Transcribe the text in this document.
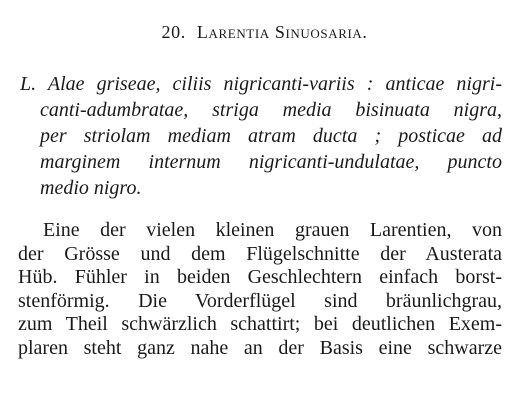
20. Larentia Sinuosaria.
L. Alae griseae, ciliis nigricanti-variis : anticae nigri-
canti-adumbratae, striga media bisinuata nigra,
per striolam mediam atram ducta ; posticae ad
marginem internum nigricanti-undulatae, puncto
medio nigro.
Eine der vielen kleinen grauen Larentien, von
der Grösse und dem Flügelschnitte der Austerata
Hüb. Fühler in beiden Geschlechtern einfach borst-
stenförmig. Die Vorderflügel sind bräunlichgrau,
zum Theil schwärzlich schattirt; bei deutlichen Exem-
plaren steht ganz nahe an der Basis eine schwarze
